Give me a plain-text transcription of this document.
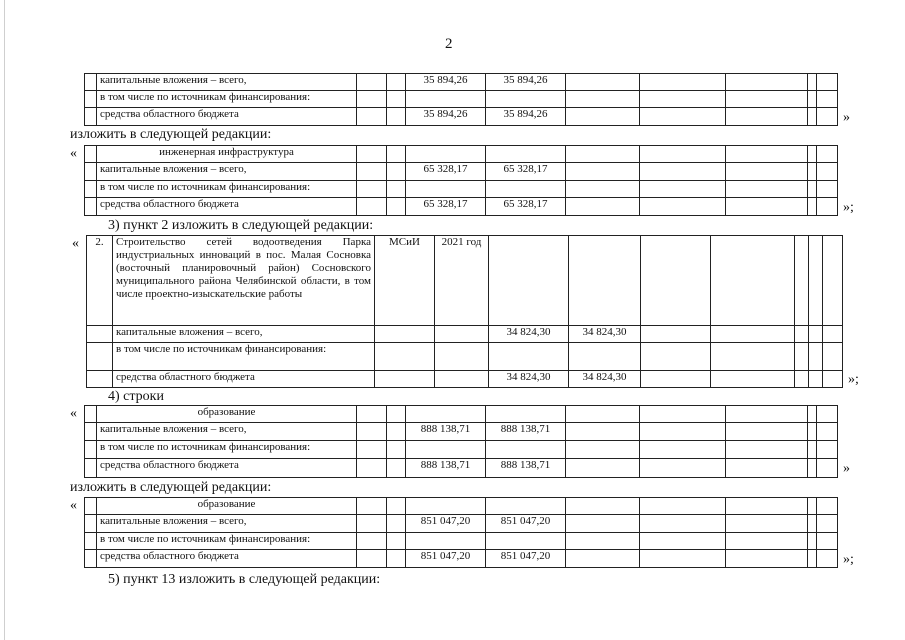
2
	капитальные вложения – всего,			35 894,26	35 894,26					
	в том числе по источникам финансирования:									
	средства областного бюджета			35 894,26	35 894,26						»
изложить в следующей редакции:
«
		инженерная инфраструктура									
	капитальные вложения – всего,			65 328,17	65 328,17					
	в том числе по источникам финансирования:									
	средства областного бюджета			65 328,17	65 328,17						»;
3) пункт 2 изложить в следующей редакции:
« 2.	Строительство сетей водоотведения Парка индустриальных инноваций в пос. Малая Сосновка (восточный планировочный район) Сосновского муниципального района Челябинской области, в том числе проектно-изыскательские работы	МСиИ	2021 год							
	капитальные вложения – всего,			34 824,30	34 824,30					
	в том числе по источникам финансирования:									
	средства областного бюджета			34 824,30	34 824,30						»;
4) строки
«
		образование									
	капитальные вложения – всего,			888 138,71	888 138,71					
	в том числе по источникам финансирования:									
	средства областного бюджета			888 138,71	888 138,71						»
изложить в следующей редакции:
«
		образование									
	капитальные вложения – всего,			851 047,20	851 047,20					
	в том числе по источникам финансирования:									
	средства областного бюджета			851 047,20	851 047,20						»;
5) пункт 13 изложить в следующей редакции:
